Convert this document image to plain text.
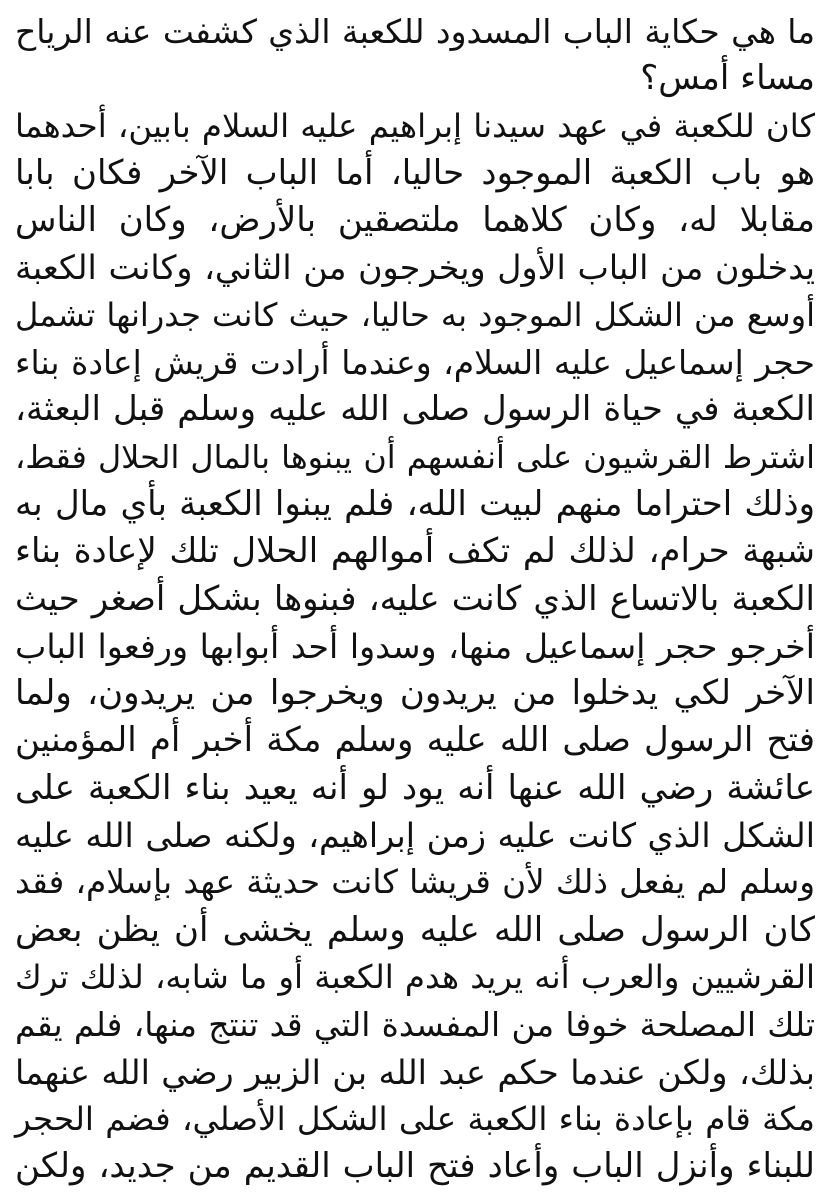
ما هي حكاية الباب المسدود للكعبة الذي كشفت عنه الرياح
مساء أمس؟
كان للكعبة في عهد سيدنا إبراهيم عليه السلام بابين، أحدهما
هو باب الكعبة الموجود حاليا، أما الباب الآخر فكان بابا
مقابلا له، وكان كلاهما ملتصقين بالأرض، وكان الناس
يدخلون من الباب الأول ويخرجون من الثاني، وكانت الكعبة
أوسع من الشكل الموجود به حاليا، حيث كانت جدرانها تشمل
حجر إسماعيل عليه السلام، وعندما أرادت قريش إعادة بناء
الكعبة في حياة الرسول صلى الله عليه وسلم قبل البعثة،
اشترط القرشيون على أنفسهم أن يبنوها بالمال الحلال فقط،
وذلك احتراما منهم لبيت الله، فلم يبنوا الكعبة بأي مال به
شبهة حرام، لذلك لم تكف أموالهم الحلال تلك لإعادة بناء
الكعبة بالاتساع الذي كانت عليه، فبنوها بشكل أصغر حيث
أخرجو حجر إسماعيل منها، وسدوا أحد أبوابها ورفعوا الباب
الآخر لكي يدخلوا من يريدون ويخرجوا من يريدون، ولما
فتح الرسول صلى الله عليه وسلم مكة أخبر أم المؤمنين
عائشة رضي الله عنها أنه يود لو أنه يعيد بناء الكعبة على
الشكل الذي كانت عليه زمن إبراهيم، ولكنه صلى الله عليه
وسلم لم يفعل ذلك لأن قريشا كانت حديثة عهد بإسلام، فقد
كان الرسول صلى الله عليه وسلم يخشى أن يظن بعض
القرشيين والعرب أنه يريد هدم الكعبة أو ما شابه، لذلك ترك
تلك المصلحة خوفا من المفسدة التي قد تنتج منها، فلم يقم
بذلك، ولكن عندما حكم عبد الله بن الزبير رضي الله عنهما
مكة قام بإعادة بناء الكعبة على الشكل الأصلي، فضم الحجر
للبناء وأنزل الباب وأعاد فتح الباب القديم من جديد، ولكن
